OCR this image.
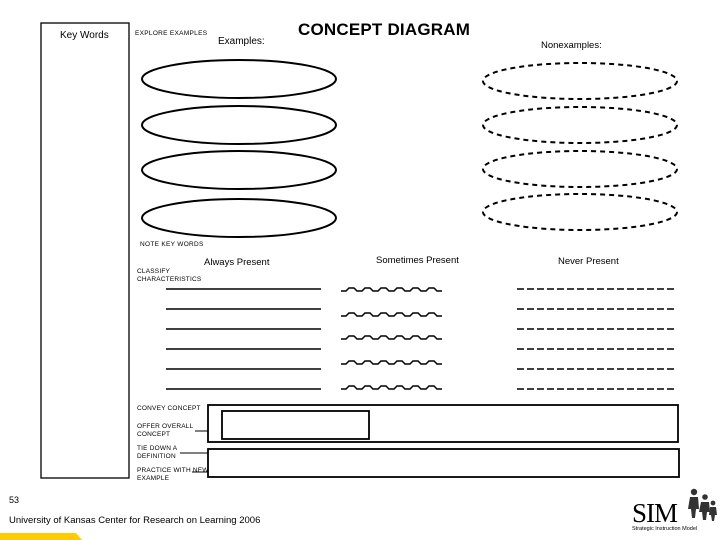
Key Words	EXPLORE EXAMPLES
Examples:
CONCEPT DIAGRAM
Nonexamples:
NOTE KEY WORDS
Always Present	Sometimes Present	Never Present
CLASSIFY CHARACTERISTICS
CONVEY CONCEPT
OFFER OVERALL CONCEPT
TIE DOWN A DEFINITION
PRACTICE WITH NEW EXAMPLE
53
University of Kansas Center for Research on Learning 2006	SIM
Strategic Instruction Model
